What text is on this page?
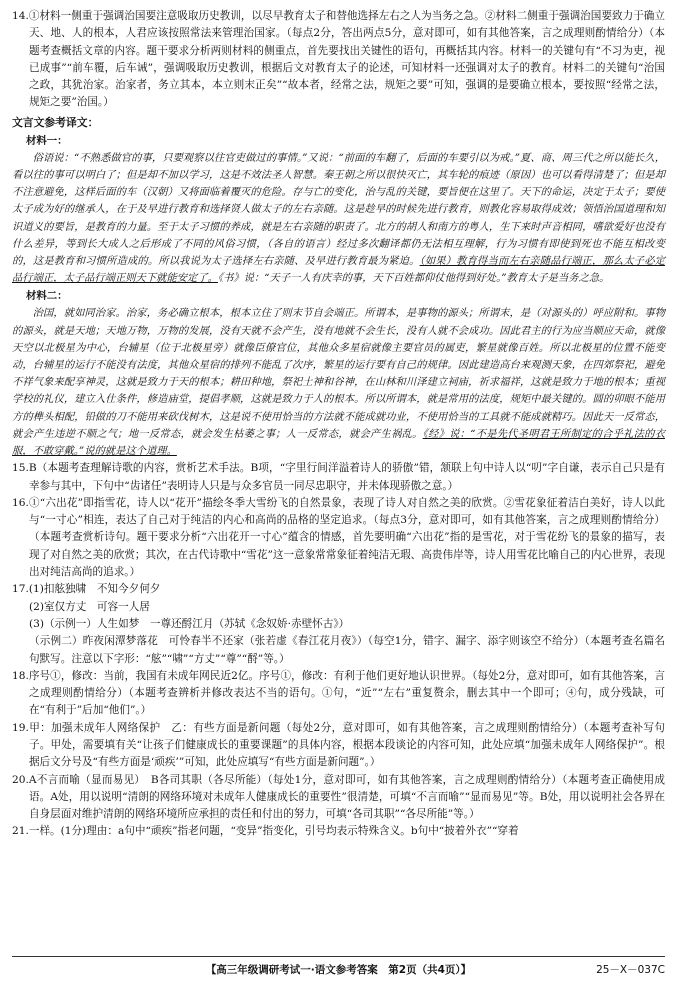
14.①材料一侧重于强调治国要注意吸取历史教训，以尽早教育太子和替他选择左右之人为当务之急。②材料二侧重于强调治国要致力于确立天、地、人的根本，人君应该按照常法来管理治国家。（每点2分，答出两点5分，意对即可，如有其他答案，言之成理则酌情给分）（本题考查概括文章的内容。题干要求分析两则材料的侧重点，首先要找出关键性的语句，再概括其内容。材料一的关键句有“不习为吏，视已成事”“前车覆，后车诫”，强调吸取历史教训，根据后文对教育太子的论述，可知材料一还强调对太子的教育。材料二的关键句“治国之政，其犹治家。治家者，务立其本，本立则末正矣”“故本者，经常之法，规矩之要”可知，强调的是要确立根本，要按照“经常之法，规矩之要”治国。）

文言文参考译文：

材料一：

俗语说：“不熟悉做官的事，只要观察以往官吏做过的事情。”又说：“前面的车翻了，后面的车要引以为戒。”夏、商、周三代之所以能长久，看以往的事可以明白了；但是却不加以学习，这是不效法圣人智慧。秦王朝之所以很快灭亡，其车轮的痕迹（原因）也可以看得清楚了；但是却不注意避免，这样后面的车（汉朝）又将面临着覆灭的危险。存与亡的变化，治与乱的关键，要旨便在这里了。天下的命运，决定于太子；要使太子成为好的继承人，在于及早进行教育和选择贤人做太子的左右亲随。这是趁早的时候先进行教育，则教化容易取得成效；领悟治国道理和知识道义的要旨，是教育的力量。至于太子习惯的养成，就是左右亲随的职责了。北方的胡人和南方的粤人，生下来时声音相同，嗜欲爱好也没有什么差异，等到长大成人之后形成了不同的风俗习惯，（各自的语言）经过多次翻译都仍无法相互理解，行为习惯有即使到死也不能互相改变的，这是教育和习惯所造成的。所以我说为太子选择左右亲随、及早进行教育最为紧迫。（如果）教育得当而左右亲随品行端正，那么太子必定品行端正，太子品行端正则天下就能安定了。《书》说：“天子一人有庆幸的事，天下百姓都仰仗他得到好处。”教育太子是当务之急。

材料二：

治国，就如同治家。治家，务必确立根本，根本立住了则末节自会端正。所谓本，是事物的源头；所谓末，是（对源头的）呼应附和。事物的源头，就是天地；天地万物，万物的发展，没有天就不会产生，没有地就不会生长，没有人就不会成功。因此君主的行为应当顺应天命，就像天空以北极星为中心，台辅星（位于北极星旁）就像臣僚官位，其他众多星宿就像主要官员的属吏，繁星就像百姓。所以北极星的位置不能变动，台辅星的运行不能没有法度，其他众星宿的排列不能乱了次序，繁星的运行要有自己的规律。因此建造高台来观测天象，在四郊祭祀，避免不祥气象来配享神灵，这就是致力于天的根本；耕田种地，祭祀土神和谷神，在山林和川泽建立祠庙，祈求福祥，这就是致力于地的根本；重视学校的礼仪，建立入仕条件，修造庙堂，提倡孝顺，这就是致力于人的根本。所以所谓本，就是常用的法度，规矩中最关键的。圆的卯眼不能用方的榫头相配，铅做的刀不能用来砍伐树木，这是说不使用恰当的方法就不能成就功业，不使用恰当的工具就不能成就精巧。因此天一反常态，就会产生违逆不顺之气；地一反常态，就会发生枯萎之事；人一反常态，就会产生祸乱。《经》说：“不是先代圣明君王所制定的合乎礼法的衣服，不敢穿戴。”说的就是这个道理。

15.B（本题考查理解诗歌的内容，赏析艺术手法。B项，“字里行间洋溢着诗人的骄傲”错，颔联上句中诗人以“叨”字自谦，表示自己只是有幸参与其中，下句中“齿诸任”表明诗人只是与众多官员一同尽忠职守，并未体现骄傲之意。）

16.①“六出花”即指雪花，诗人以“花开”描绘冬季大雪纷飞的自然景象，表现了诗人对自然之美的欣赏。②雪花象征着洁白美好，诗人以此与“一寸心”相连，表达了自己对于纯洁的内心和高尚的品格的坚定追求。（每点3分，意对即可，如有其他答案，言之成理则酌情给分）（本题考查赏析诗句。题干要求分析“六出花开一寸心”蕴含的情感，首先要明确“六出花”指的是雪花，对于雪花纷飞的景象的描写，表现了对自然之美的欣赏；其次，在古代诗歌中“雪花”这一意象常常象征着纯洁无瑕、高贵伟岸等，诗人用雪花比喻自己的内心世界，表现出对纯洁高尚的追求。）

17.(1)扣舷独啸　不知今夕何夕

(2)室仅方丈　可容一人居

(3)（示例一）人生如梦　一尊还酹江月（苏轼《念奴娇·赤壁怀古》）

（示例二）昨夜闲潭梦落花　可怜春半不还家（张若虚《春江花月夜》）（每空1分，错字、漏字、添字则该空不给分）（本题考查名篇名句默写。注意以下字形：“舷”“啸”“方丈”“尊”“酹”等。）

18.序号①，修改：当前，我国有未成年网民近2亿。序号①，修改：有利于他们更好地认识世界。（每处2分，意对即可，如有其他答案，言之成理则酌情给分）（本题考查辨析并修改表达不当的语句。①句，“近”“左右”重复赘余，删去其中一个即可；④句，成分残缺，可在“有利于”后加“他们”。）

19.甲：加强未成年人网络保护　乙：有些方面是新问题（每处2分，意对即可，如有其他答案，言之成理则酌情给分）（本题考查补写句子。甲处，需要填有关“让孩子们健康成长的重要课题”的具体内容，根据本段谈论的内容可知，此处应填“加强未成年人网络保护”。根据后文分号及“有些方面是‘顽疾’”可知，此处应填写“有些方面是新问题”。）

20.A不言而喻（显而易见）　B各司其职（各尽所能）（每处1分，意对即可，如有其他答案，言之成理则酌情给分）（本题考查正确使用成语。A处，用以说明“清朗的网络环境对未成年人健康成长的重要性”很清楚，可填“不言而喻”“显而易见”等。B处，用以说明社会各界在自身层面对维护清朗的网络环境所应承担的责任和付出的努力，可填“各司其职”“各尽所能”等。）

21.一样。(1分)理由：a句中“顽疾”指老问题，“变异”指变化，引号均表示特殊含义。b句中“披着外衣”“穿着

【高三年级调研考试一·语文参考答案　第2页（共4页）】	25－X－037C
